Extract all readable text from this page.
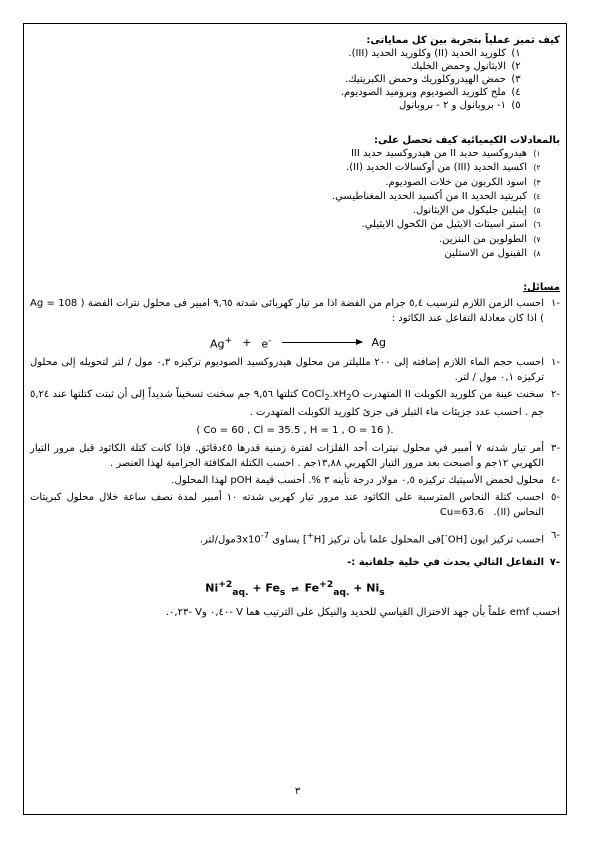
كيف تميز عملياً بتجربة بين كل مماياتى:
١)
كلوريد الحديد (II) وكلوريد الحديد (III).
٢)
الايثانول وحمض الخليك
٣)
حمض الهيدروكلوريك وحمض الكبريتيك.
٤)
ملح كلوريد الصوديوم وبروميد الصوديوم.
٥)
١- بروبانول و ٢ - بروبانول
بالمعادلات الكيميائية كيف تحصل على:
١)
هيدروكسيد حديد II من هيدروكسيد حديد III
٢)
اكسيد الحديد (III) من أوكسالات الحديد (II).
٣)
اسود الكربون من خلات الصوديوم.
٤)
كبريتيد الحديد II من أكسيد الحديد المغناطيسي.
٥)
إيثيلين جليكول من الإيثانول.
٦)
استر اسيتات الايثيل من الكحول الايثيلي.
٧)
الطولوين من البنزين.
٨)
الفينول من الاستلين
مسائل:
-١
احسب الزمن اللازم لترسيب ٥,٤ جرام من الفضة اذا مر تيار كهربائى شدته ٩,٦٥ امبير فى محلول نترات الفضة ( Ag = 108 ) اذا كان معادلة التفاعل عند الكاثود :
Ag+ + e-	Ag
-١
احسب حجم الماء اللازم إضافته إلى ٢٠٠ ملليلتر من محلول هيدروكسيد الصوديوم تركيزه ٠,٣ مول / لتر لتحويله إلى محلول تركيزه ٠,١ مول / لتر.
-٢
سخنت عينة من كلوريد الكوبلت II المتهدرت $CoCl_2.xH_2O$ كتلتها ٩,٥٦ جم سخنت تسخيناً شديداً إلى أن ثبتت كتلتها عند ٥,٢٤ جم . احسب عدد جزيئات ماء التبلر فى جزئ كلوريد الكوبلت المتهدرت .
( Co = 60 , Cl = 35.5 , H = 1 , O = 16 ).
-٣
أمر تيار شدته ٧ أمبير في محلول نيترات أحد الفلزات لفترة زمنية قدرها ٤٥دقائق. فإذا كانت كتلة الكاثود قبل مرور التيار الكهربي ١٢جم و أصبحت بعد مرور التيار الكهربي ١٣,٨٨جم . احسب الكتلة المكافئة الجرامية لهذا العنصر .
-٤
محلول لحمض الأسيتيك تركيزه ٠,٥ مولار درجة تأينه ٣ %. أحسب قيمة pOH لهذا المحلول.
-٥
احسب كتلة النحاس المترسبة على الكاثود عند مرور تيار كهربى شدته ١٠ أمبير لمدة نصف ساعة خلال محلول كبريتات النحاس (II).   Cu=63.6
-٦
احسب تركيز ايون [OH-]فى المحلول علما بأن تركيز [H+] يساوى $3x10^{-7}مول$/لتر.
-٧
التفاعل التالي يحدث في خلية جلفانية :-
$Ni^{+2}_{aq.} + Fe_s$ ⇌ $Fe^{+2}_{aq.} + Ni_s$
احسب emf علماً بأن جهد الاختزال القياسي للحديد والنيكل على الترتيب هما V -٠,٤٠ وV -٠,٢٣.
٣
